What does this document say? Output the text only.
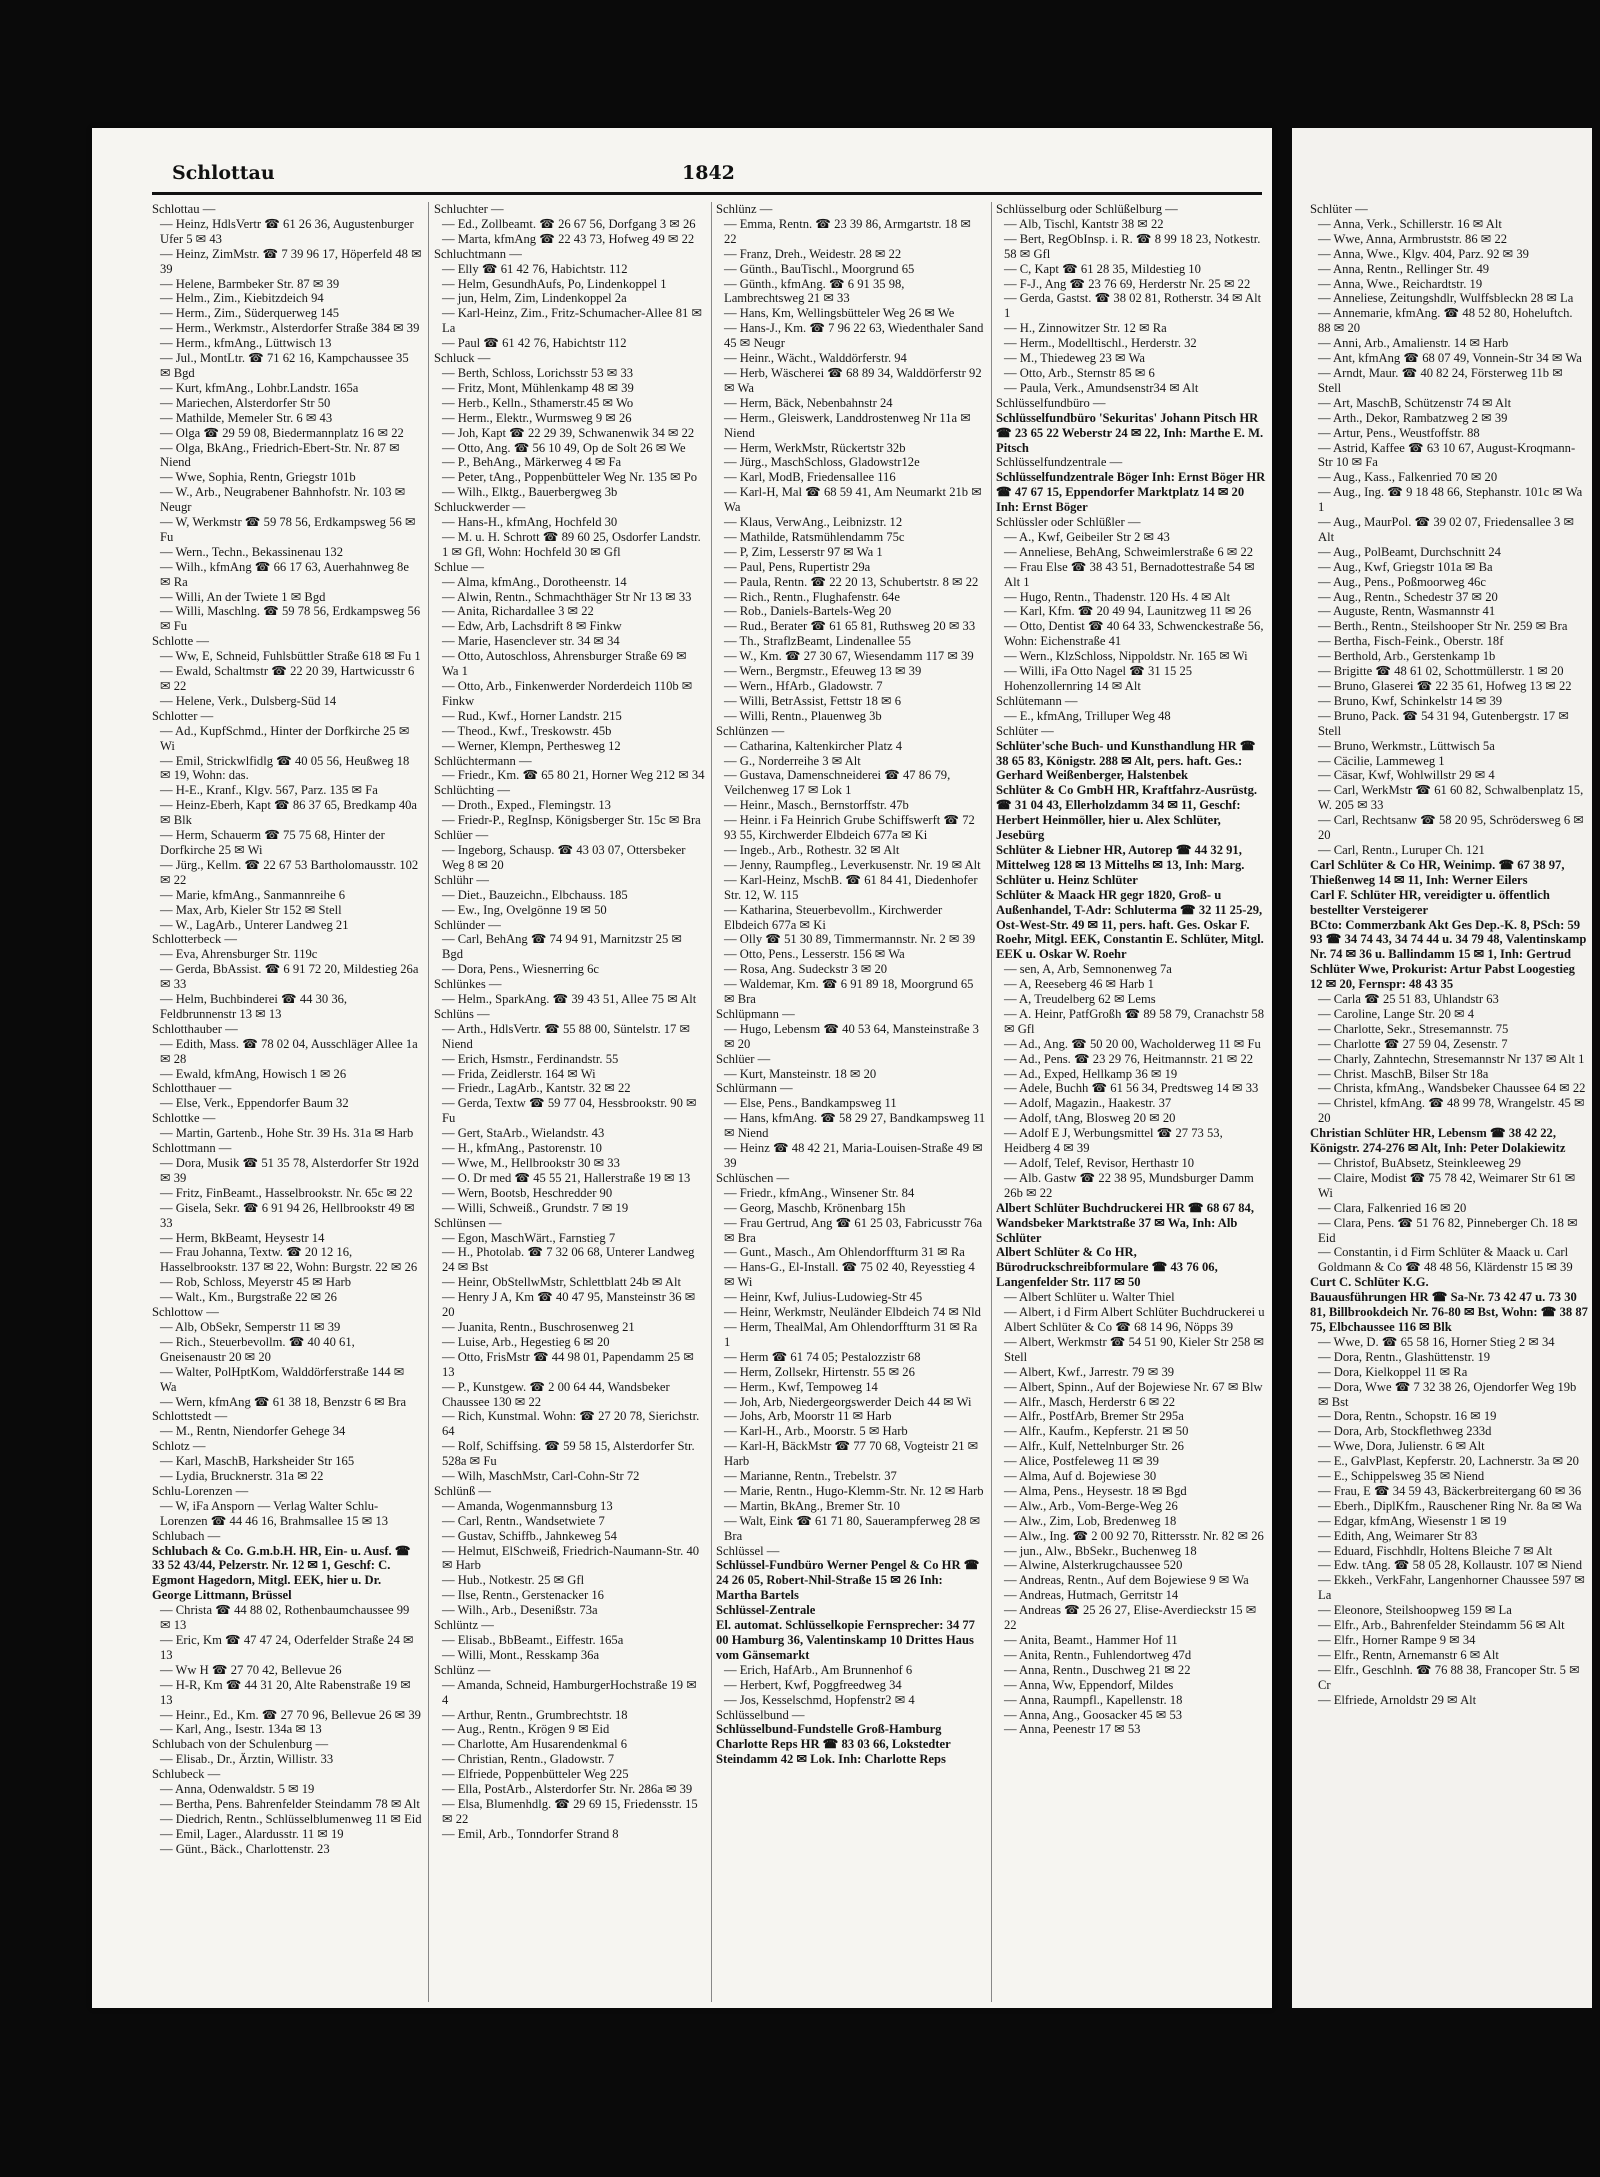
Schlottau	1842

Schlottau —

— Heinz, HdlsVertr ☎ 61 26 36, Augustenburger Ufer 5 ✉ 43

— Heinz, ZimMstr. ☎ 7 39 96 17, Höperfeld 48 ✉ 39

— Helene, Barmbeker Str. 87 ✉ 39

— Helm., Zim., Kiebitzdeich 94

— Herm., Zim., Süderquerweg 145

— Herm., Werkmstr., Alsterdorfer Straße 384 ✉ 39

— Herm., kfmAng., Lüttwisch 13

— Jul., MontLtr. ☎ 71 62 16, Kampchaussee 35 ✉ Bgd

— Kurt, kfmAng., Lohbr.Landstr. 165a

— Mariechen, Alsterdorfer Str 50

— Mathilde, Memeler Str. 6 ✉ 43

— Olga ☎ 29 59 08, Biedermannplatz 16 ✉ 22

— Olga, BkAng., Friedrich-Ebert-Str. Nr. 87 ✉ Niend

— Wwe, Sophia, Rentn, Griegstr 101b

— W., Arb., Neugrabener Bahnhofstr. Nr. 103 ✉ Neugr

— W, Werkmstr ☎ 59 78 56, Erdkampsweg 56 ✉ Fu

— Wern., Techn., Bekassinenau 132

— Wilh., kfmAng ☎ 66 17 63, Auerhahnweg 8e ✉ Ra

— Willi, An der Twiete 1 ✉ Bgd

— Willi, Maschlng. ☎ 59 78 56, Erdkampsweg 56 ✉ Fu

Schlotte —

— Ww, E, Schneid, Fuhlsbüttler Straße 618 ✉ Fu 1

— Ewald, Schaltmstr ☎ 22 20 39, Hartwicusstr 6 ✉ 22

— Helene, Verk., Dulsberg-Süd 14

Schlotter —

— Ad., KupfSchmd., Hinter der Dorfkirche 25 ✉ Wi

— Emil, Strickwlfidlg ☎ 40 05 56, Heußweg 18 ✉ 19, Wohn: das.

— H-E., Kranf., Klgv. 567, Parz. 135 ✉ Fa

— Heinz-Eberh, Kapt ☎ 86 37 65, Bredkamp 40a ✉ Blk

— Herm, Schauerm ☎ 75 75 68, Hinter der Dorfkirche 25 ✉ Wi

— Jürg., Kellm. ☎ 22 67 53 Bartholomausstr. 102 ✉ 22

— Marie, kfmAng., Sanmannreihe 6

— Max, Arb, Kieler Str 152 ✉ Stell

— W., LagArb., Unterer Landweg 21

Schlotterbeck —

— Eva, Ahrensburger Str. 119c

— Gerda, BbAssist. ☎ 6 91 72 20, Mildestieg 26a ✉ 33

— Helm, Buchbinderei ☎ 44 30 36, Feldbrunnenstr 13 ✉ 13

Schlotthauber —

— Edith, Mass. ☎ 78 02 04, Ausschläger Allee 1a ✉ 28

— Ewald, kfmAng, Howisch 1 ✉ 26

Schlotthauer —

— Else, Verk., Eppendorfer Baum 32

Schlottke —

— Martin, Gartenb., Hohe Str. 39 Hs. 31a ✉ Harb

Schlottmann —

— Dora, Musik ☎ 51 35 78, Alsterdorfer Str 192d ✉ 39

— Fritz, FinBeamt., Hasselbrookstr. Nr. 65c ✉ 22

— Gisela, Sekr. ☎ 6 91 94 26, Hellbrookstr 49 ✉ 33

— Herm, BkBeamt, Heysestr 14

— Frau Johanna, Textw. ☎ 20 12 16, Hasselbrookstr. 137 ✉ 22, Wohn: Burgstr. 22 ✉ 26

— Rob, Schloss, Meyerstr 45 ✉ Harb

— Walt., Km., Burgstraße 22 ✉ 26

Schlottow —

— Alb, ObSekr, Semperstr 11 ✉ 39

— Rich., Steuerbevollm. ☎ 40 40 61, Gneisenaustr 20 ✉ 20

— Walter, PolHptKom, Walddörferstraße 144 ✉ Wa

— Wern, kfmAng ☎ 61 38 18, Benzstr 6 ✉ Bra

Schlottstedt —

— M., Rentn, Niendorfer Gehege 34

Schlotz —

— Karl, MaschB, Harksheider Str 165

— Lydia, Brucknerstr. 31a ✉ 22

Schlu-Lorenzen —

— W, iFa Ansporn — Verlag Walter Schlu-Lorenzen ☎ 44 46 16, Brahmsallee 15 ✉ 13

Schlubach —

Schlubach & Co. G.m.b.H. HR, Ein- u. Ausf. ☎ 33 52 43/44, Pelzerstr. Nr. 12 ✉ 1, Geschf: C. Egmont Hagedorn, Mitgl. EEK, hier u. Dr. George Littmann, Brüssel

— Christa ☎ 44 88 02, Rothenbaumchaussee 99 ✉ 13

— Eric, Km ☎ 47 47 24, Oderfelder Straße 24 ✉ 13

— Ww H ☎ 27 70 42, Bellevue 26

— H-R, Km ☎ 44 31 20, Alte Rabenstraße 19 ✉ 13

— Heinr., Ed., Km. ☎ 27 70 96, Bellevue 26 ✉ 39

— Karl, Ang., Isestr. 134a ✉ 13

Schlubach von der Schulenburg —

— Elisab., Dr., Ärztin, Willistr. 33

Schlubeck —

— Anna, Odenwaldstr. 5 ✉ 19

— Bertha, Pens. Bahrenfelder Steindamm 78 ✉ Alt

— Diedrich, Rentn., Schlüsselblumenweg 11 ✉ Eid

— Emil, Lager., Alardusstr. 11 ✉ 19

— Günt., Bäck., Charlottenstr. 23

Schluchter —

— Ed., Zollbeamt. ☎ 26 67 56, Dorfgang 3 ✉ 26

— Marta, kfmAng ☎ 22 43 73, Hofweg 49 ✉ 22

Schluchtmann —

— Elly ☎ 61 42 76, Habichtstr. 112

— Helm, GesundhAufs, Po, Lindenkoppel 1

— jun, Helm, Zim, Lindenkoppel 2a

— Karl-Heinz, Zim., Fritz-Schumacher-Allee 81 ✉ La

— Paul ☎ 61 42 76, Habichtstr 112

Schluck —

— Berth, Schloss, Lorichsstr 53 ✉ 33

— Fritz, Mont, Mühlenkamp 48 ✉ 39

— Herb., Kelln., Sthamerstr.45 ✉ Wo

— Herm., Elektr., Wurmsweg 9 ✉ 26

— Joh, Kapt ☎ 22 29 39, Schwanenwik 34 ✉ 22

— Otto, Ang. ☎ 56 10 49, Op de Solt 26 ✉ We

— P., BehAng., Märkerweg 4 ✉ Fa

— Peter, tAng., Poppenbütteler Weg Nr. 135 ✉ Po

— Wilh., Elktg., Bauerbergweg 3b

Schluckwerder —

— Hans-H., kfmAng, Hochfeld 30

— M. u. H. Schrott ☎ 89 60 25, Osdorfer Landstr. 1 ✉ Gfl, Wohn: Hochfeld 30 ✉ Gfl

Schlue —

— Alma, kfmAng., Dorotheenstr. 14

— Alwin, Rentn., Schmachthäger Str Nr 13 ✉ 33

— Anita, Richardallee 3 ✉ 22

— Edw, Arb, Lachsdrift 8 ✉ Finkw

— Marie, Hasenclever str. 34 ✉ 34

— Otto, Autoschloss, Ahrensburger Straße 69 ✉ Wa 1

— Otto, Arb., Finkenwerder Norderdeich 110b ✉ Finkw

— Rud., Kwf., Horner Landstr. 215

— Theod., Kwf., Treskowstr. 45b

— Werner, Klempn, Perthesweg 12

Schlüchtermann —

— Friedr., Km. ☎ 65 80 21, Horner Weg 212 ✉ 34

Schlüchting —

— Droth., Exped., Flemingstr. 13

— Friedr-P., RegInsp, Königsberger Str. 15c ✉ Bra

Schlüer —

— Ingeborg, Schausp. ☎ 43 03 07, Ottersbeker Weg 8 ✉ 20

Schlühr —

— Diet., Bauzeichn., Elbchauss. 185

— Ew., Ing, Ovelgönne 19 ✉ 50

Schlünder —

— Carl, BehAng ☎ 74 94 91, Marnitzstr 25 ✉ Bgd

— Dora, Pens., Wiesnerring 6c

Schlünkes —

— Helm., SparkAng. ☎ 39 43 51, Allee 75 ✉ Alt

Schlüns —

— Arth., HdlsVertr. ☎ 55 88 00, Süntelstr. 17 ✉ Niend

— Erich, Hsmstr., Ferdinandstr. 55

— Frida, Zeidlerstr. 164 ✉ Wi

— Friedr., LagArb., Kantstr. 32 ✉ 22

— Gerda, Textw ☎ 59 77 04, Hessbrookstr. 90 ✉ Fu

— Gert, StaArb., Wielandstr. 43

— H., kfmAng., Pastorenstr. 10

— Wwe, M., Hellbrookstr 30 ✉ 33

— O. Dr med ☎ 45 55 21, Hallerstraße 19 ✉ 13

— Wern, Bootsb, Heschredder 90

— Willi, Schweiß., Grundstr. 7 ✉ 19

Schlünsen —

— Egon, MaschWärt., Farnstieg 7

— H., Photolab. ☎ 7 32 06 68, Unterer Landweg 24 ✉ Bst

— Heinr, ObStellwMstr, Schlettblatt 24b ✉ Alt

— Henry J A, Km ☎ 40 47 95, Mansteinstr 36 ✉ 20

— Juanita, Rentn., Buschrosenweg 21

— Luise, Arb., Hegestieg 6 ✉ 20

— Otto, FrisMstr ☎ 44 98 01, Papendamm 25 ✉ 13

— P., Kunstgew. ☎ 2 00 64 44, Wandsbeker Chaussee 130 ✉ 22

— Rich, Kunstmal. Wohn: ☎ 27 20 78, Sierichstr. 64

— Rolf, Schiffsing. ☎ 59 58 15, Alsterdorfer Str. 528a ✉ Fu

— Wilh, MaschMstr, Carl-Cohn-Str 72

Schlünß —

— Amanda, Wogenmannsburg 13

— Carl, Rentn., Wandsetwiete 7

— Gustav, Schiffb., Jahnkeweg 54

— Helmut, ElSchweiß, Friedrich-Naumann-Str. 40 ✉ Harb

— Hub., Notkestr. 25 ✉ Gfl

— Ilse, Rentn., Gerstenacker 16

— Wilh., Arb., Desenißstr. 73a

Schlüntz —

— Elisab., BbBeamt., Eiffestr. 165a

— Willi, Mont., Resskamp 36a

Schlünz —

— Amanda, Schneid, HamburgerHochstraße 19 ✉ 4

— Arthur, Rentn., Grumbrechtstr. 18

— Aug., Rentn., Krögen 9 ✉ Eid

— Charlotte, Am Husarendenkmal 6

— Christian, Rentn., Gladowstr. 7

— Elfriede, Poppenbütteler Weg 225

— Ella, PostArb., Alsterdorfer Str. Nr. 286a ✉ 39

— Elsa, Blumenhdlg. ☎ 29 69 15, Friedensstr. 15 ✉ 22

— Emil, Arb., Tonndorfer Strand 8

Schlünz —

— Emma, Rentn. ☎ 23 39 86, Armgartstr. 18 ✉ 22

— Franz, Dreh., Weidestr. 28 ✉ 22

— Günth., BauTischl., Moorgrund 65

— Günth., kfmAng. ☎ 6 91 35 98, Lambrechtsweg 21 ✉ 33

— Hans, Km, Wellingsbütteler Weg 26 ✉ We

— Hans-J., Km. ☎ 7 96 22 63, Wiedenthaler Sand 45 ✉ Neugr

— Heinr., Wächt., Walddörferstr. 94

— Herb, Wäscherei ☎ 68 89 34, Walddörferstr 92 ✉ Wa

— Herm, Bäck, Nebenbahnstr 24

— Herm., Gleiswerk, Landdrostenweg Nr 11a ✉ Niend

— Herm, WerkMstr, Rückertstr 32b

— Jürg., MaschSchloss, Gladowstr12e

— Karl, ModB, Friedensallee 116

— Karl-H, Mal ☎ 68 59 41, Am Neumarkt 21b ✉ Wa

— Klaus, VerwAng., Leibnizstr. 12

— Mathilde, Ratsmühlendamm 75c

— P, Zim, Lesserstr 97 ✉ Wa 1

— Paul, Pens, Rupertistr 29a

— Paula, Rentn. ☎ 22 20 13, Schubertstr. 8 ✉ 22

— Rich., Rentn., Flughafenstr. 64e

— Rob., Daniels-Bartels-Weg 20

— Rud., Berater ☎ 61 65 81, Ruthsweg 20 ✉ 33

— Th., StraflzBeamt, Lindenallee 55

— W., Km. ☎ 27 30 67, Wiesendamm 117 ✉ 39

— Wern., Bergmstr., Efeuweg 13 ✉ 39

— Wern., HfArb., Gladowstr. 7

— Willi, BetrAssist, Fettstr 18 ✉ 6

— Willi, Rentn., Plauenweg 3b

Schlünzen —

— Catharina, Kaltenkircher Platz 4

— G., Norderreihe 3 ✉ Alt

— Gustava, Damenschneiderei ☎ 47 86 79, Veilchenweg 17 ✉ Lok 1

— Heinr., Masch., Bernstorffstr. 47b

— Heinr. i Fa Heinrich Grube Schiffswerft ☎ 72 93 55, Kirchwerder Elbdeich 677a ✉ Ki

— Ingeb., Arb., Rothestr. 32 ✉ Alt

— Jenny, Raumpfleg., Leverkusenstr. Nr. 19 ✉ Alt

— Karl-Heinz, MschB. ☎ 61 84 41, Diedenhofer Str. 12, W. 115

— Katharina, Steuerbevollm., Kirchwerder Elbdeich 677a ✉ Ki

— Olly ☎ 51 30 89, Timmermannstr. Nr. 2 ✉ 39

— Otto, Pens., Lesserstr. 156 ✉ Wa

— Rosa, Ang. Sudeckstr 3 ✉ 20

— Waldemar, Km. ☎ 6 91 89 18, Moorgrund 65 ✉ Bra

Schlüpmann —

— Hugo, Lebensm ☎ 40 53 64, Mansteinstraße 3 ✉ 20

Schlüer —

— Kurt, Mansteinstr. 18 ✉ 20

Schlürmann —

— Else, Pens., Bandkampsweg 11

— Hans, kfmAng. ☎ 58 29 27, Bandkampsweg 11 ✉ Niend

— Heinz ☎ 48 42 21, Maria-Louisen-Straße 49 ✉ 39

Schlüschen —

— Friedr., kfmAng., Winsener Str. 84

— Georg, Maschb, Krönenbarg 15h

— Frau Gertrud, Ang ☎ 61 25 03, Fabricusstr 76a ✉ Bra

— Gunt., Masch., Am Ohlendorffturm 31 ✉ Ra

— Hans-G., El-Install. ☎ 75 02 40, Reyesstieg 4 ✉ Wi

— Heinr, Kwf, Julius-Ludowieg-Str 45

— Heinr, Werkmstr, Neuländer Elbdeich 74 ✉ Nld

— Herm, ThealMal, Am Ohlendorffturm 31 ✉ Ra 1

— Herm ☎ 61 74 05; Pestalozzistr 68

— Herm, Zollsekr, Hirtenstr. 55 ✉ 26

— Herm., Kwf, Tempoweg 14

— Joh, Arb, Niedergeorgswerder Deich 44 ✉ Wi

— Johs, Arb, Moorstr 11 ✉ Harb

— Karl-H., Arb., Moorstr. 5 ✉ Harb

— Karl-H, BäckMstr ☎ 77 70 68, Vogteistr 21 ✉ Harb

— Marianne, Rentn., Trebelstr. 37

— Marie, Rentn., Hugo-Klemm-Str. Nr. 12 ✉ Harb

— Martin, BkAng., Bremer Str. 10

— Walt, Eink ☎ 61 71 80, Sauerampferweg 28 ✉ Bra

Schlüssel —

Schlüssel-Fundbüro Werner Pengel & Co HR ☎ 24 26 05, Robert-Nhil-Straße 15 ✉ 26 Inh: Martha Bartels

Schlüssel-Zentrale

El. automat. Schlüsselkopie Fernsprecher: 34 77 00 Hamburg 36, Valentinskamp 10 Drittes Haus vom Gänsemarkt

— Erich, HafArb., Am Brunnenhof 6

— Herbert, Kwf, Poggfreedweg 34

— Jos, Kesselschmd, Hopfenstr2 ✉ 4

Schlüsselbund —

Schlüsselbund-Fundstelle Groß-Hamburg Charlotte Reps HR ☎ 83 03 66, Lokstedter Steindamm 42 ✉ Lok. Inh: Charlotte Reps

Schlüsselburg oder Schlüßelburg —

— Alb, Tischl, Kantstr 38 ✉ 22

— Bert, RegObInsp. i. R. ☎ 8 99 18 23, Notkestr. 58 ✉ Gfl

— C, Kapt ☎ 61 28 35, Mildestieg 10

— F-J., Ang ☎ 23 76 69, Herderstr Nr. 25 ✉ 22

— Gerda, Gastst. ☎ 38 02 81, Rotherstr. 34 ✉ Alt 1

— H., Zinnowitzer Str. 12 ✉ Ra

— Herm., Modelltischl., Herderstr. 32

— M., Thiedeweg 23 ✉ Wa

— Otto, Arb., Sternstr 85 ✉ 6

— Paula, Verk., Amundsenstr34 ✉ Alt

Schlüsselfundbüro —

Schlüsselfundbüro 'Sekuritas' Johann Pitsch HR ☎ 23 65 22 Weberstr 24 ✉ 22, Inh: Marthe E. M. Pitsch

Schlüsselfundzentrale —

Schlüsselfundzentrale Böger Inh: Ernst Böger HR ☎ 47 67 15, Eppendorfer Marktplatz 14 ✉ 20 Inh: Ernst Böger

Schlüssler oder Schlüßler —

— A., Kwf, Geibeiler Str 2 ✉ 43

— Anneliese, BehAng, Schweimlerstraße 6 ✉ 22

— Frau Else ☎ 38 43 51, Bernadottestraße 54 ✉ Alt 1

— Hugo, Rentn., Thadenstr. 120 Hs. 4 ✉ Alt

— Karl, Kfm. ☎ 20 49 94, Launitzweg 11 ✉ 26

— Otto, Dentist ☎ 40 64 33, Schwenckestraße 56, Wohn: Eichenstraße 41

— Wern., KlzSchloss, Nippoldstr. Nr. 165 ✉ Wi

— Willi, iFa Otto Nagel ☎ 31 15 25 Hohenzollernring 14 ✉ Alt

Schlütemann —

— E., kfmAng, Trilluper Weg 48

Schlüter —

Schlüter'sche Buch- und Kunsthandlung HR ☎ 38 65 83, Königstr. 288 ✉ Alt, pers. haft. Ges.: Gerhard Weißenberger, Halstenbek

Schlüter & Co GmbH HR, Kraftfahrz-Ausrüstg. ☎ 31 04 43, Ellerholzdamm 34 ✉ 11, Geschf: Herbert Heinmöller, hier u. Alex Schlüter, Jesebürg

Schlüter & Liebner HR, Autorep ☎ 44 32 91, Mittelweg 128 ✉ 13 Mittelhs ✉ 13, Inh: Marg. Schlüter u. Heinz Schlüter

Schlüter & Maack HR gegr 1820, Groß- u Außenhandel, T-Adr: Schluterma ☎ 32 11 25-29, Ost-West-Str. 49 ✉ 11, pers. haft. Ges. Oskar F. Roehr, Mitgl. EEK, Constantin E. Schlüter, Mitgl. EEK u. Oskar W. Roehr

— sen, A, Arb, Semnonenweg 7a

— A, Reeseberg 46 ✉ Harb 1

— A, Treudelberg 62 ✉ Lems

— A. Heinr, PatfGroßh ☎ 89 58 79, Cranachstr 58 ✉ Gfl

— Ad., Ang. ☎ 50 20 00, Wacholderweg 11 ✉ Fu

— Ad., Pens. ☎ 23 29 76, Heitmannstr. 21 ✉ 22

— Ad., Exped, Hellkamp 36 ✉ 19

— Adele, Buchh ☎ 61 56 34, Predtsweg 14 ✉ 33

— Adolf, Magazin., Haakestr. 37

— Adolf, tAng, Blosweg 20 ✉ 20

— Adolf E J, Werbungsmittel ☎ 27 73 53, Heidberg 4 ✉ 39

— Adolf, Telef, Revisor, Herthastr 10

— Alb. Gastw ☎ 22 38 95, Mundsburger Damm 26b ✉ 22

Albert Schlüter Buchdruckerei HR ☎ 68 67 84, Wandsbeker Marktstraße 37 ✉ Wa, Inh: Alb Schlüter

Albert Schlüter & Co HR, Bürodruckschreibformulare ☎ 43 76 06, Langenfelder Str. 117 ✉ 50

— Albert Schlüter u. Walter Thiel

— Albert, i d Firm Albert Schlüter Buchdruckerei u Albert Schlüter & Co ☎ 68 14 96, Nöpps 39

— Albert, Werkmstr ☎ 54 51 90, Kieler Str 258 ✉ Stell

— Albert, Kwf., Jarrestr. 79 ✉ 39

— Albert, Spinn., Auf der Bojewiese Nr. 67 ✉ Blw

— Alfr., Masch, Herderstr 6 ✉ 22

— Alfr., PostfArb, Bremer Str 295a

— Alfr., Kaufm., Kepferstr. 21 ✉ 50

— Alfr., Kulf, Nettelnburger Str. 26

— Alice, Postfeleweg 11 ✉ 39

— Alma, Auf d. Bojewiese 30

— Alma, Pens., Heysestr. 18 ✉ Bgd

— Alw., Arb., Vom-Berge-Weg 26

— Alw., Zim, Lob, Bredenweg 18

— Alw., Ing. ☎ 2 00 92 70, Rittersstr. Nr. 82 ✉ 26

— jun., Alw., BbSekr., Buchenweg 18

— Alwine, Alsterkrugchaussee 520

— Andreas, Rentn., Auf dem Bojewiese 9 ✉ Wa

— Andreas, Hutmach, Gerritstr 14

— Andreas ☎ 25 26 27, Elise-Averdieckstr 15 ✉ 22

— Anita, Beamt., Hammer Hof 11

— Anita, Rentn., Fuhlendortweg 47d

— Anna, Rentn., Duschweg 21 ✉ 22

— Anna, Ww, Eppendorf, Mildes

— Anna, Raumpfl., Kapellenstr. 18

— Anna, Ang., Goosacker 45 ✉ 53

— Anna, Peenestr 17 ✉ 53

Schlüter —

— Anna, Verk., Schillerstr. 16 ✉ Alt

— Wwe, Anna, Armbruststr. 86 ✉ 22

— Anna, Wwe., Klgv. 404, Parz. 92 ✉ 39

— Anna, Rentn., Rellinger Str. 49

— Anna, Wwe., Reichardtstr. 19

— Anneliese, Zeitungshdlr, Wulffsbleckn 28 ✉ La

— Annemarie, kfmAng. ☎ 48 52 80, Hoheluftch. 88 ✉ 20

— Anni, Arb., Amalienstr. 14 ✉ Harb

— Ant, kfmAng ☎ 68 07 49, Vonnein-Str 34 ✉ Wa

— Arndt, Maur. ☎ 40 82 24, Försterweg 11b ✉ Stell

— Art, MaschB, Schützenstr 74 ✉ Alt

— Arth., Dekor, Rambatzweg 2 ✉ 39

— Artur, Pens., Weustfoffstr. 88

— Astrid, Kaffee ☎ 63 10 67, August-Kroqmann-Str 10 ✉ Fa

— Aug., Kass., Falkenried 70 ✉ 20

— Aug., Ing. ☎ 9 18 48 66, Stephanstr. 101c ✉ Wa 1

— Aug., MaurPol. ☎ 39 02 07, Friedensallee 3 ✉ Alt

— Aug., PolBeamt, Durchschnitt 24

— Aug., Kwf, Griegstr 101a ✉ Ba

— Aug., Pens., Poßmoorweg 46c

— Aug., Rentn., Schedestr 37 ✉ 20

— Auguste, Rentn, Wasmannstr 41

— Berth., Rentn., Steilshooper Str Nr. 259 ✉ Bra

— Bertha, Fisch-Feink., Oberstr. 18f

— Berthold, Arb., Gerstenkamp 1b

— Brigitte ☎ 48 61 02, Schottmüllerstr. 1 ✉ 20

— Bruno, Glaserei ☎ 22 35 61, Hofweg 13 ✉ 22

— Bruno, Kwf, Schinkelstr 14 ✉ 39

— Bruno, Pack. ☎ 54 31 94, Gutenbergstr. 17 ✉ Stell

— Bruno, Werkmstr., Lüttwisch 5a

— Cäcilie, Lammeweg 1

— Cäsar, Kwf, Wohlwillstr 29 ✉ 4

— Carl, WerkMstr ☎ 61 60 82, Schwalbenplatz 15, W. 205 ✉ 33

— Carl, Rechtsanw ☎ 58 20 95, Schrödersweg 6 ✉ 20

— Carl, Rentn., Luruper Ch. 121

Carl Schlüter & Co HR, Weinimp. ☎ 67 38 97, Thießenweg 14 ✉ 11, Inh: Werner Eilers

Carl F. Schlüter HR, vereidigter u. öffentlich bestellter Versteigerer

BCto: Commerzbank Akt Ges Dep.-K. 8, PSch: 59 93 ☎ 34 74 43, 34 74 44 u. 34 79 48, Valentinskamp Nr. 74 ✉ 36 u. Ballindamm 15 ✉ 1, Inh: Gertrud Schlüter Wwe, Prokurist: Artur Pabst Loogestieg 12 ✉ 20, Fernspr: 48 43 35

— Carla ☎ 25 51 83, Uhlandstr 63

— Caroline, Lange Str. 20 ✉ 4

— Charlotte, Sekr., Stresemannstr. 75

— Charlotte ☎ 27 59 04, Zesenstr. 7

— Charly, Zahntechn, Stresemannstr Nr 137 ✉ Alt 1

— Christ. MaschB, Bilser Str 18a

— Christa, kfmAng., Wandsbeker Chaussee 64 ✉ 22

— Christel, kfmAng. ☎ 48 99 78, Wrangelstr. 45 ✉ 20

Christian Schlüter HR, Lebensm ☎ 38 42 22, Königstr. 274-276 ✉ Alt, Inh: Peter Dolakiewitz

— Christof, BuAbsetz, Steinkleeweg 29

— Claire, Modist ☎ 75 78 42, Weimarer Str 61 ✉ Wi

— Clara, Falkenried 16 ✉ 20

— Clara, Pens. ☎ 51 76 82, Pinneberger Ch. 18 ✉ Eid

— Constantin, i d Firm Schlüter & Maack u. Carl Goldmann & Co ☎ 48 48 56, Klärdenstr 15 ✉ 39

Curt C. Schlüter K.G.

Bauausführungen HR ☎ Sa-Nr. 73 42 47 u. 73 30 81, Billbrookdeich Nr. 76-80 ✉ Bst, Wohn: ☎ 38 87 75, Elbchaussee 116 ✉ Blk

— Wwe, D. ☎ 65 58 16, Horner Stieg 2 ✉ 34

— Dora, Rentn., Glashüttenstr. 19

— Dora, Kielkoppel 11 ✉ Ra

— Dora, Wwe ☎ 7 32 38 26, Ojendorfer Weg 19b ✉ Bst

— Dora, Rentn., Schopstr. 16 ✉ 19

— Dora, Arb, Stockflethweg 233d

— Wwe, Dora, Julienstr. 6 ✉ Alt

— E., GalvPlast, Kepferstr. 20, Lachnerstr. 3a ✉ 20

— E., Schippelsweg 35 ✉ Niend

— Frau, E ☎ 34 59 43, Bäckerbreitergang 60 ✉ 36

— Eberh., DiplKfm., Rauschener Ring Nr. 8a ✉ Wa

— Edgar, kfmAng, Wiesenstr 1 ✉ 19

— Edith, Ang, Weimarer Str 83

— Eduard, Fischhdlr, Holtens Bleiche 7 ✉ Alt

— Edw. tAng. ☎ 58 05 28, Kollaustr. 107 ✉ Niend

— Ekkeh., VerkFahr, Langenhorner Chaussee 597 ✉ La

— Eleonore, Steilshoopweg 159 ✉ La

— Elfr., Arb., Bahrenfelder Steindamm 56 ✉ Alt

— Elfr., Horner Rampe 9 ✉ 34

— Elfr., Rentn, Arnemanstr 6 ✉ Alt

— Elfr., Geschlnh. ☎ 76 88 38, Francoper Str. 5 ✉ Cr

— Elfriede, Arnoldstr 29 ✉ Alt
